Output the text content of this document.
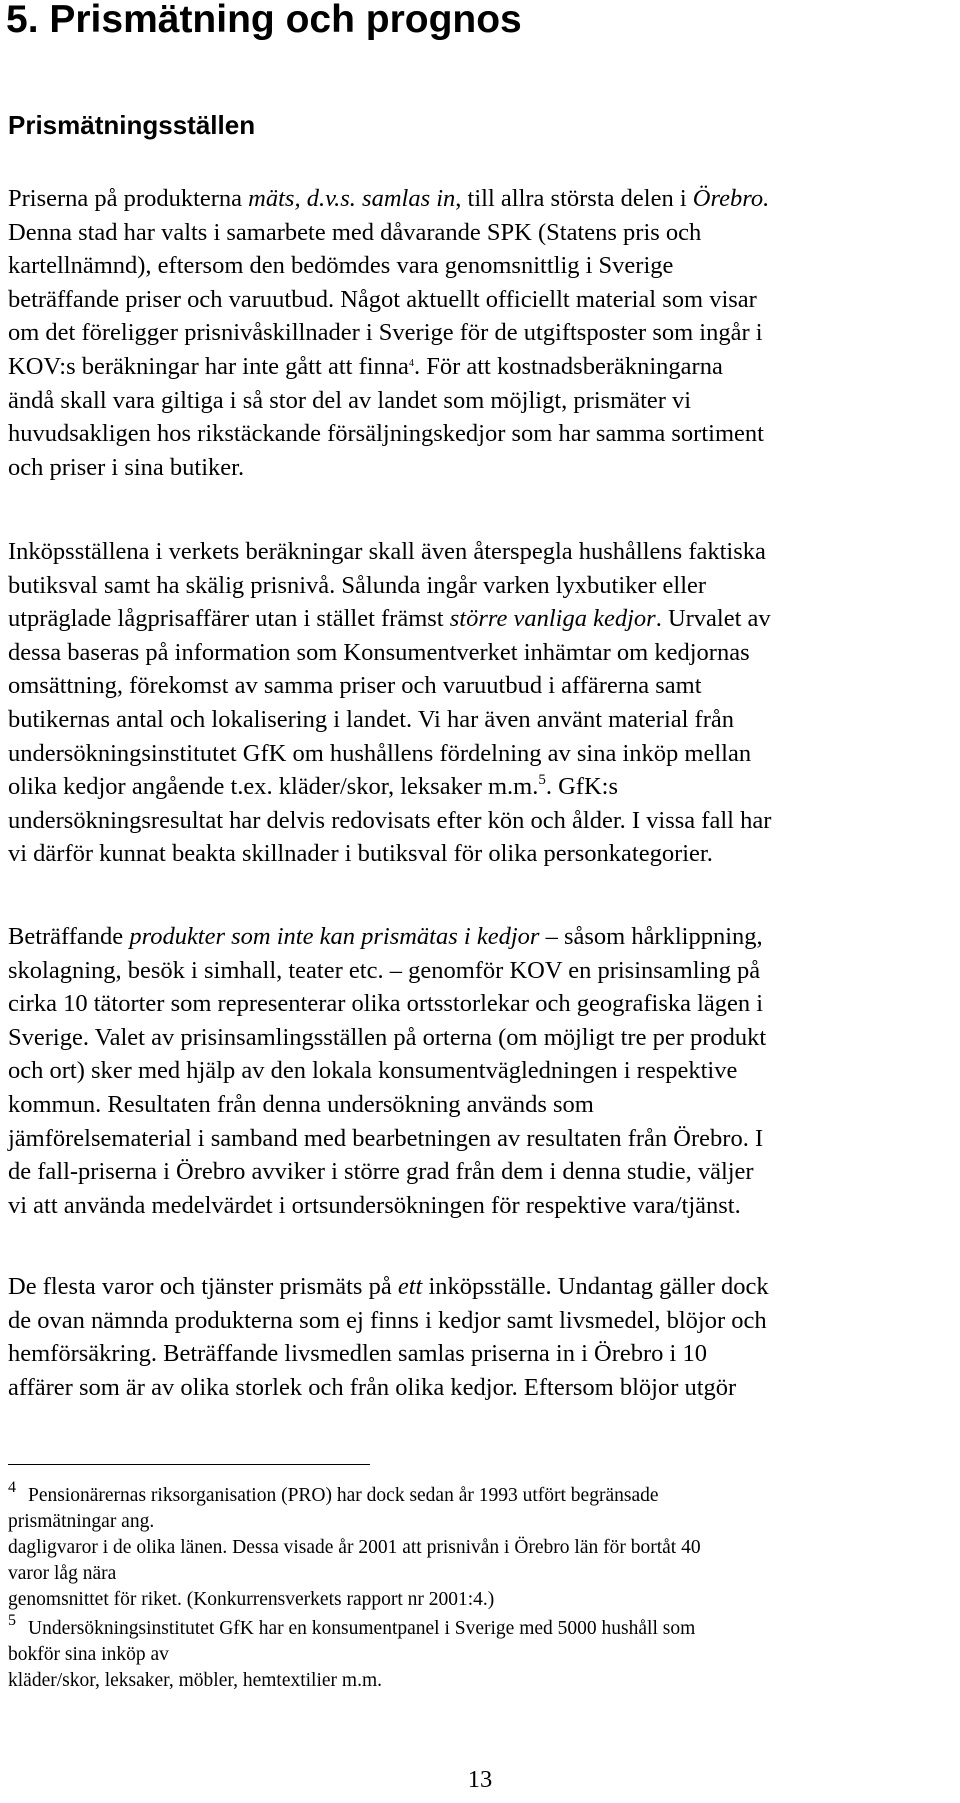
5. Prismätning och prognos
Prismätningsställen
Priserna på produkterna mäts, d.v.s. samlas in, till allra största delen i Örebro.
Denna stad har valts i samarbete med dåvarande SPK (Statens pris och
kartellnämnd), eftersom den bedömdes vara genomsnittlig i Sverige
beträffande priser och varuutbud. Något aktuellt officiellt material som visar
om det föreligger prisnivåskillnader i Sverige för de utgiftsposter som ingår i
KOV:s beräkningar har inte gått att finna$^4$. För att kostnadsberäkningarna
ändå skall vara giltiga i så stor del av landet som möjligt, prismäter vi
huvudsakligen hos rikstäckande försäljningskedjor som har samma sortiment
och priser i sina butiker.
Inköpsställena i verkets beräkningar skall även återspegla hushållens faktiska
butiksval samt ha skälig prisnivå. Sålunda ingår varken lyxbutiker eller
utpräglade lågprisaffärer utan i stället främst större vanliga kedjor. Urvalet av
dessa baseras på information som Konsumentverket inhämtar om kedjornas
omsättning, förekomst av samma priser och varuutbud i affärerna samt
butikernas antal och lokalisering i landet. Vi har även använt material från
undersökningsinstitutet GfK om hushållens fördelning av sina inköp mellan
olika kedjor angående t.ex. kläder/skor, leksaker m.m.$^5$. GfK:s
undersökningsresultat har delvis redovisats efter kön och ålder. I vissa fall har
vi därför kunnat beakta skillnader i butiksval för olika personkategorier.
Beträffande produkter som inte kan prismätas i kedjor – såsom hårklippning,
skolagning, besök i simhall, teater etc. – genomför KOV en prisinsamling på
cirka 10 tätorter som representerar olika ortsstorlekar och geografiska lägen i
Sverige. Valet av prisinsamlingsställen på orterna (om möjligt tre per produkt
och ort) sker med hjälp av den lokala konsumentvägledningen i respektive
kommun. Resultaten från denna undersökning används som
jämförelsematerial i samband med bearbetningen av resultaten från Örebro. I
de fall-priserna i Örebro avviker i större grad från dem i denna studie, väljer
vi att använda medelvärdet i ortsundersökningen för respektive vara/tjänst.
De flesta varor och tjänster prismäts på ett inköpsställe. Undantag gäller dock
de ovan nämnda produkterna som ej finns i kedjor samt livsmedel, blöjor och
hemförsäkring. Beträffande livsmedlen samlas priserna in i Örebro i 10
affärer som är av olika storlek och från olika kedjor. Eftersom blöjor utgör
$^4$ Pensionärernas riksorganisation (PRO) har dock sedan år 1993 utfört begränsade
prismätningar ang.
dagligvaror i de olika länen. Dessa visade år 2001 att prisnivån i Örebro län för bortåt 40
varor låg nära
genomsnittet för riket. (Konkurrensverkets rapport nr 2001:4.)
$^5$ Undersökningsinstitutet GfK har en konsumentpanel i Sverige med 5000 hushåll som
bokför sina inköp av
kläder/skor, leksaker, möbler, hemtextilier m.m.
13
